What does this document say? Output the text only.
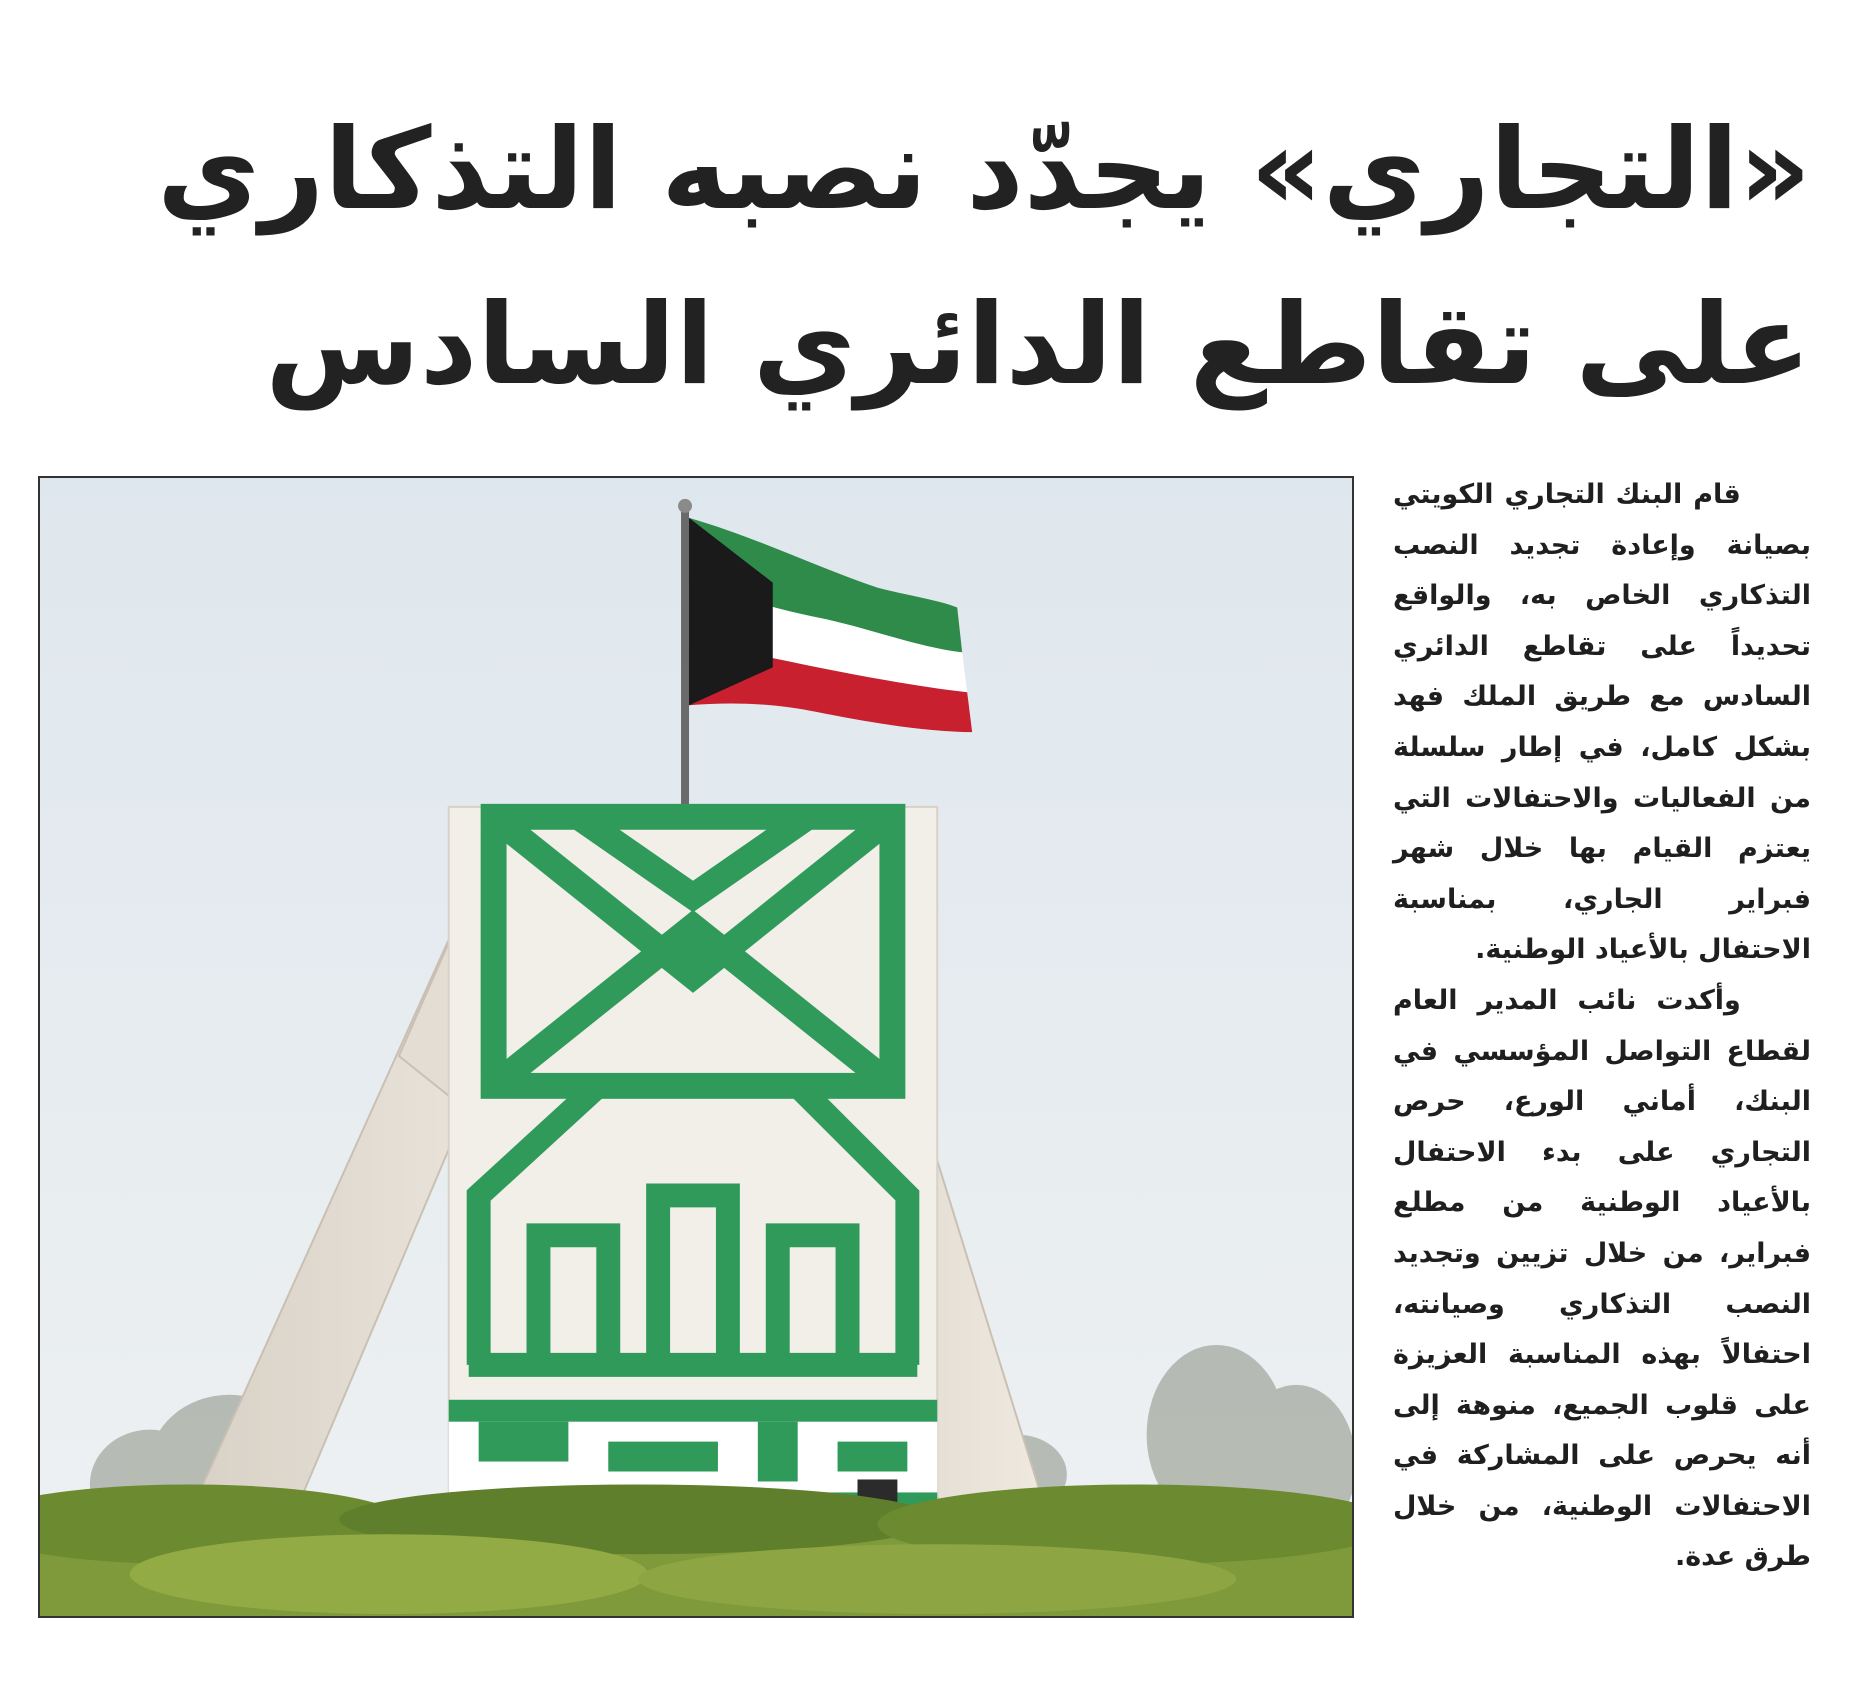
«التجاري» يجدّد نصبه التذكاري
على تقاطع الدائري السادس

قام البنك التجاري الكويتي بصيانة وإعادة تجديد النصب التذكاري الخاص به، والواقع تحديداً على تقاطع الدائري السادس مع طريق الملك فهد بشكل كامل، في إطار سلسلة من الفعاليات والاحتفالات التي يعتزم القيام بها خلال شهر فبراير الجاري، بمناسبة الاحتفال بالأعياد الوطنية.

وأكدت نائب المدير العام لقطاع التواصل المؤسسي في البنك، أماني الورع، حرص التجاري على بدء الاحتفال بالأعياد الوطنية من مطلع فبراير، من خلال تزيين وتجديد النصب التذكاري وصيانته، احتفالاً بهذه المناسبة العزيزة على قلوب الجميع، منوهة إلى أنه يحرص على المشاركة في الاحتفالات الوطنية، من خلال طرق عدة.
